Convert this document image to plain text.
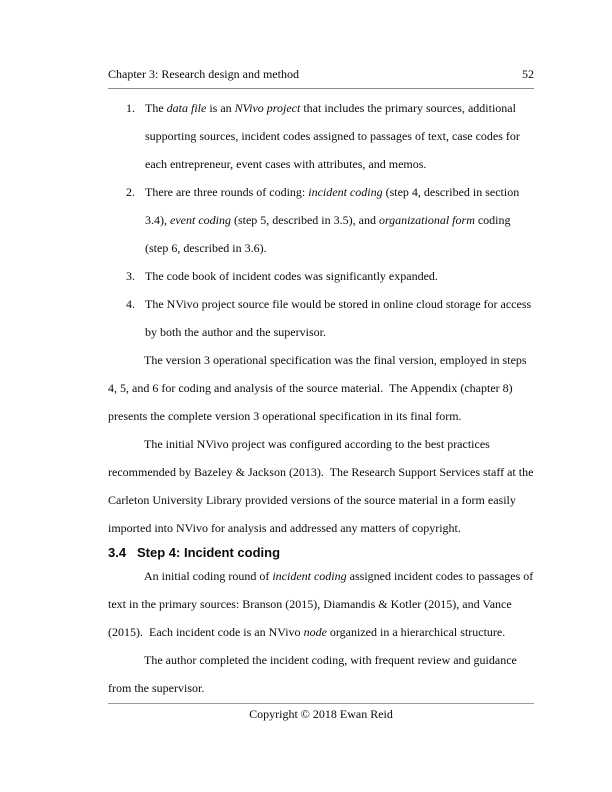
Chapter 3: Research design and method	52
1. The data file is an NVivo project that includes the primary sources, additional supporting sources, incident codes assigned to passages of text, case codes for each entrepreneur, event cases with attributes, and memos.
2. There are three rounds of coding: incident coding (step 4, described in section 3.4), event coding (step 5, described in 3.5), and organizational form coding (step 6, described in 3.6).
3. The code book of incident codes was significantly expanded.
4. The NVivo project source file would be stored in online cloud storage for access by both the author and the supervisor.
The version 3 operational specification was the final version, employed in steps 4, 5, and 6 for coding and analysis of the source material.  The Appendix (chapter 8) presents the complete version 3 operational specification in its final form.
The initial NVivo project was configured according to the best practices recommended by Bazeley & Jackson (2013).  The Research Support Services staff at the Carleton University Library provided versions of the source material in a form easily imported into NVivo for analysis and addressed any matters of copyright.
3.4 Step 4: Incident coding
An initial coding round of incident coding assigned incident codes to passages of text in the primary sources: Branson (2015), Diamandis & Kotler (2015), and Vance (2015).  Each incident code is an NVivo node organized in a hierarchical structure.
The author completed the incident coding, with frequent review and guidance from the supervisor.
Copyright © 2018 Ewan Reid
